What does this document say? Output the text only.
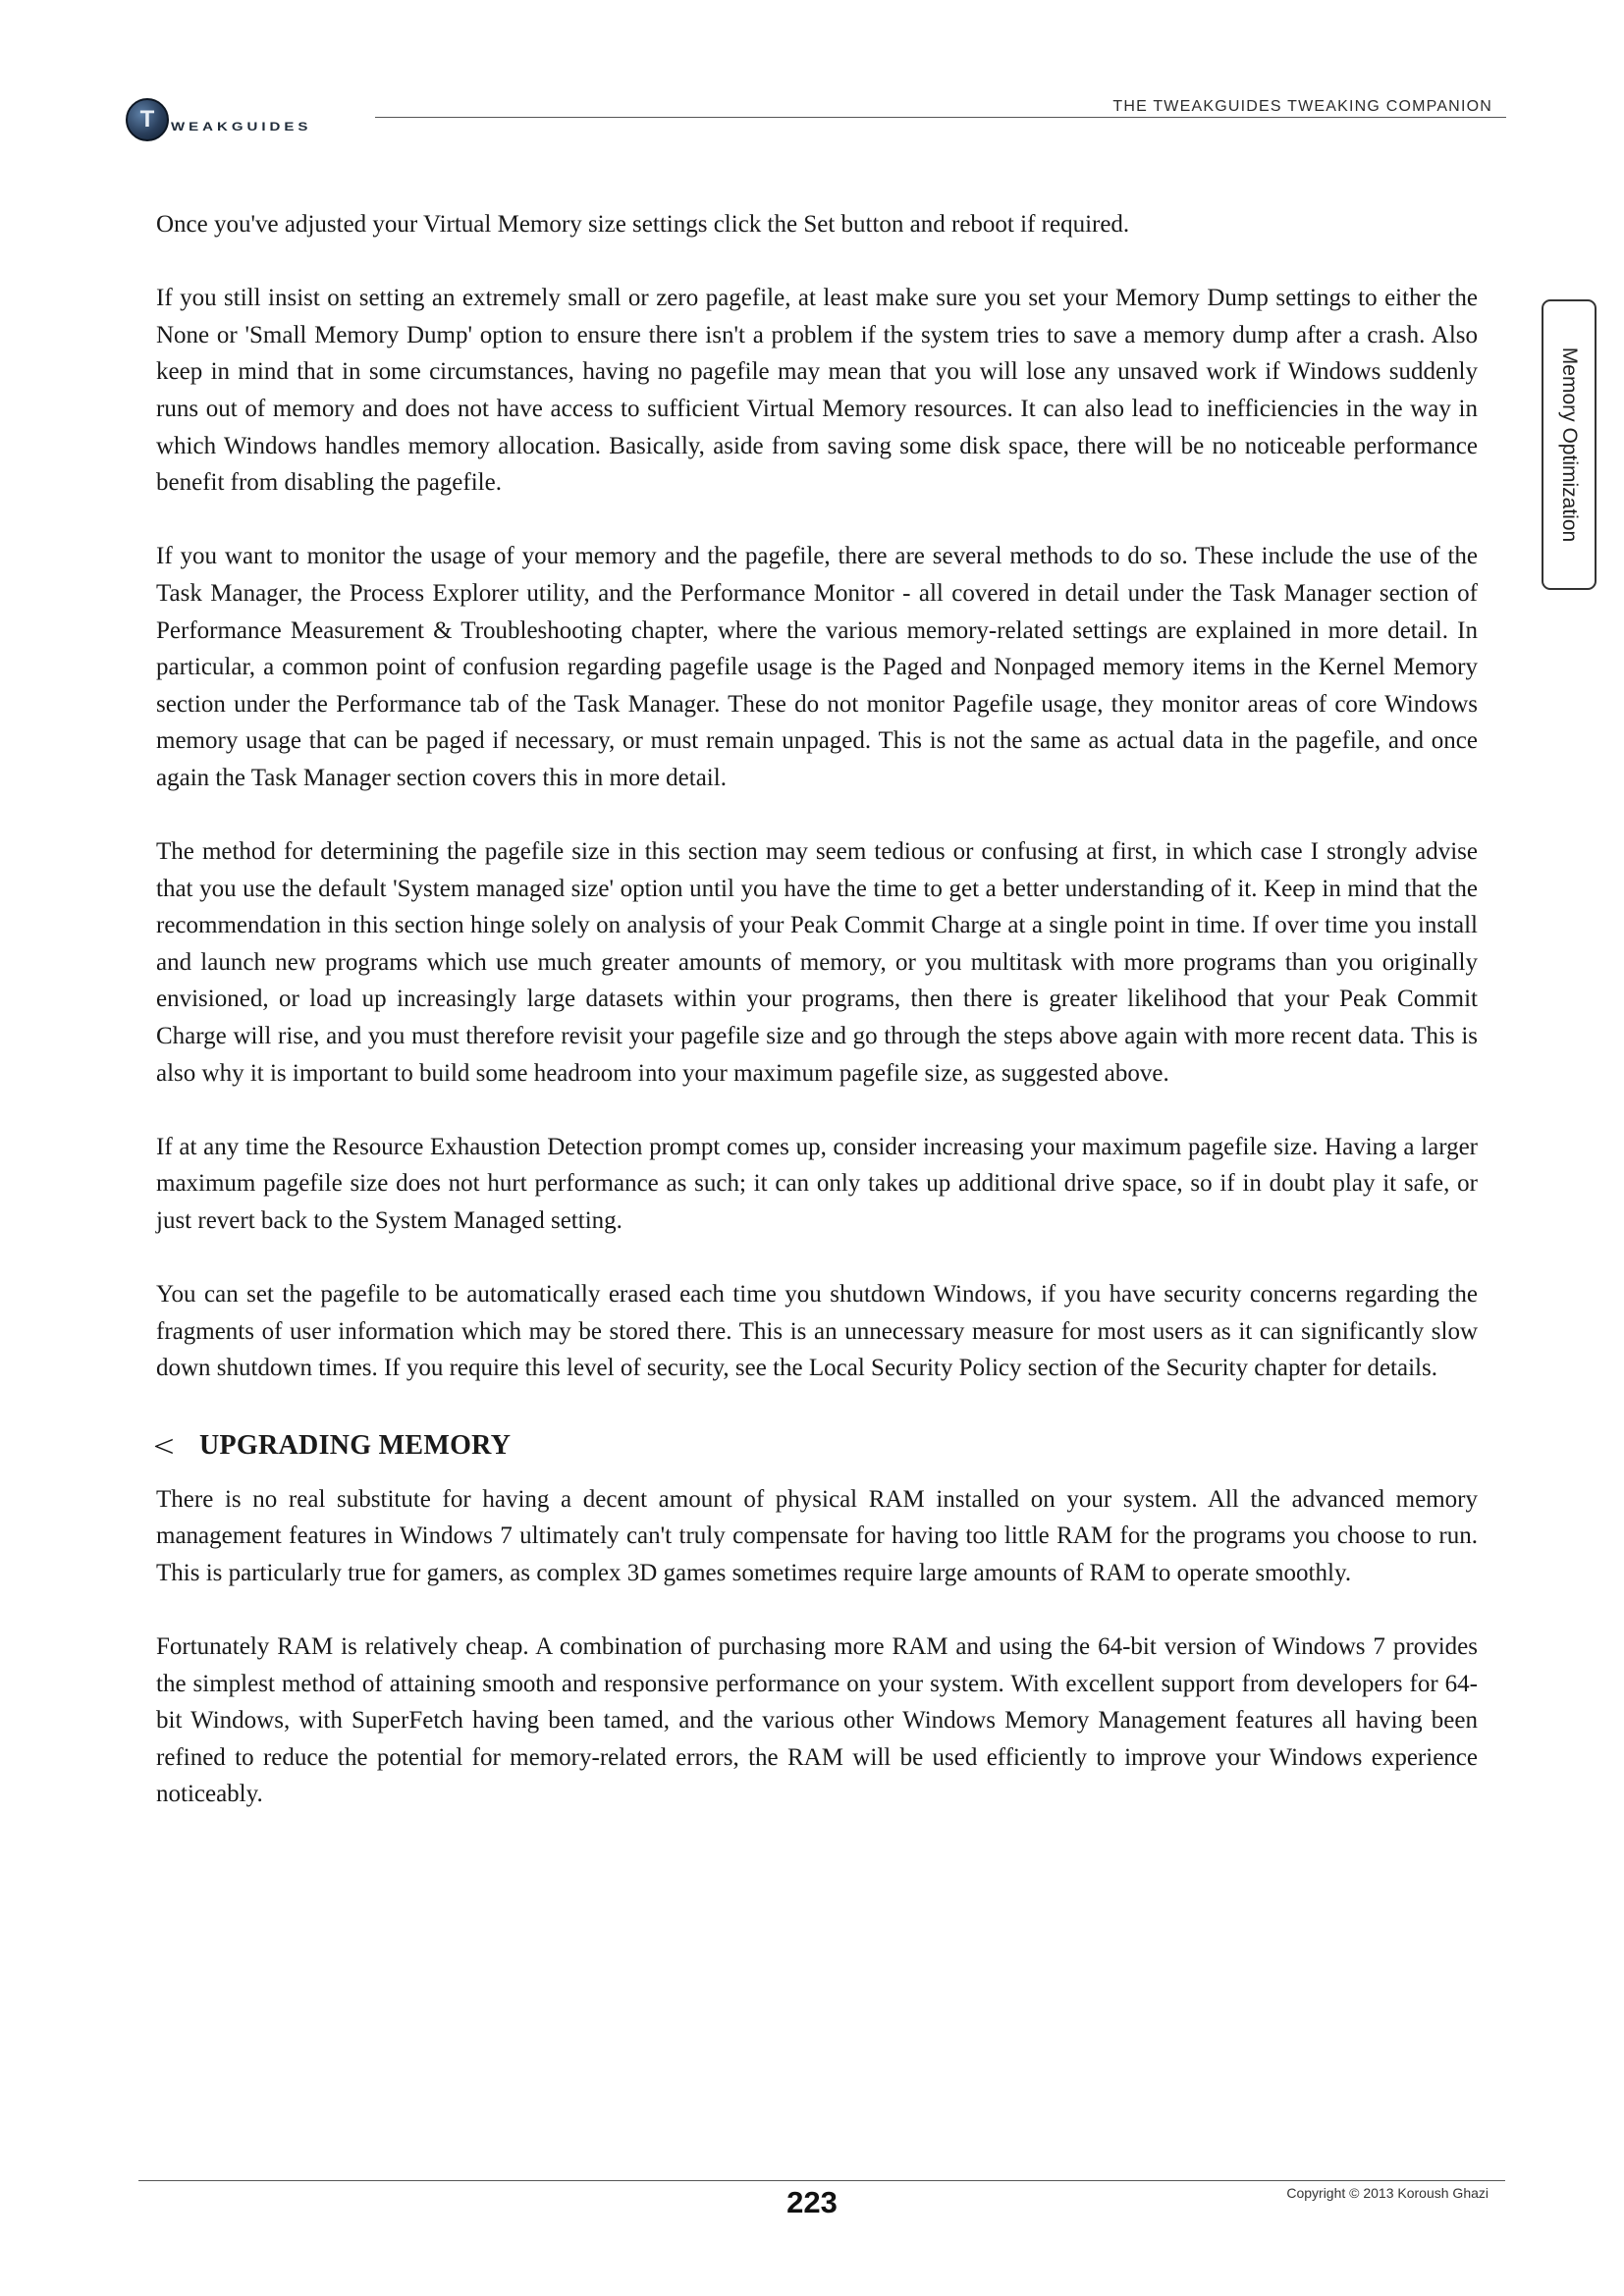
T	WEAKGUIDES
THE TWEAKGUIDES TWEAKING COMPANION
Memory Optimization

Once you've adjusted your Virtual Memory size settings click the Set button and reboot if required.

If you still insist on setting an extremely small or zero pagefile, at least make sure you set your Memory Dump settings to either the None or 'Small Memory Dump' option to ensure there isn't a problem if the system tries to save a memory dump after a crash. Also keep in mind that in some circumstances, having no pagefile may mean that you will lose any unsaved work if Windows suddenly runs out of memory and does not have access to sufficient Virtual Memory resources. It can also lead to inefficiencies in the way in which Windows handles memory allocation. Basically, aside from saving some disk space, there will be no noticeable performance benefit from disabling the pagefile.

If you want to monitor the usage of your memory and the pagefile, there are several methods to do so. These include the use of the Task Manager, the Process Explorer utility, and the Performance Monitor - all covered in detail under the Task Manager section of Performance Measurement & Troubleshooting chapter, where the various memory-related settings are explained in more detail. In particular, a common point of confusion regarding pagefile usage is the Paged and Nonpaged memory items in the Kernel Memory section under the Performance tab of the Task Manager. These do not monitor Pagefile usage, they monitor areas of core Windows memory usage that can be paged if necessary, or must remain unpaged. This is not the same as actual data in the pagefile, and once again the Task Manager section covers this in more detail.

The method for determining the pagefile size in this section may seem tedious or confusing at first, in which case I strongly advise that you use the default 'System managed size' option until you have the time to get a better understanding of it. Keep in mind that the recommendation in this section hinge solely on analysis of your Peak Commit Charge at a single point in time. If over time you install and launch new programs which use much greater amounts of memory, or you multitask with more programs than you originally envisioned, or load up increasingly large datasets within your programs, then there is greater likelihood that your Peak Commit Charge will rise, and you must therefore revisit your pagefile size and go through the steps above again with more recent data. This is also why it is important to build some headroom into your maximum pagefile size, as suggested above.

If at any time the Resource Exhaustion Detection prompt comes up, consider increasing your maximum pagefile size. Having a larger maximum pagefile size does not hurt performance as such; it can only takes up additional drive space, so if in doubt play it safe, or just revert back to the System Managed setting.

You can set the pagefile to be automatically erased each time you shutdown Windows, if you have security concerns regarding the fragments of user information which may be stored there. This is an unnecessary measure for most users as it can significantly slow down shutdown times. If you require this level of security, see the Local Security Policy section of the Security chapter for details.

< UPGRADING MEMORY

There is no real substitute for having a decent amount of physical RAM installed on your system. All the advanced memory management features in Windows 7 ultimately can't truly compensate for having too little RAM for the programs you choose to run. This is particularly true for gamers, as complex 3D games sometimes require large amounts of RAM to operate smoothly.

Fortunately RAM is relatively cheap. A combination of purchasing more RAM and using the 64-bit version of Windows 7 provides the simplest method of attaining smooth and responsive performance on your system. With excellent support from developers for 64-bit Windows, with SuperFetch having been tamed, and the various other Windows Memory Management features all having been refined to reduce the potential for memory-related errors, the RAM will be used efficiently to improve your Windows experience noticeably.

223	Copyright © 2013 Koroush Ghazi
